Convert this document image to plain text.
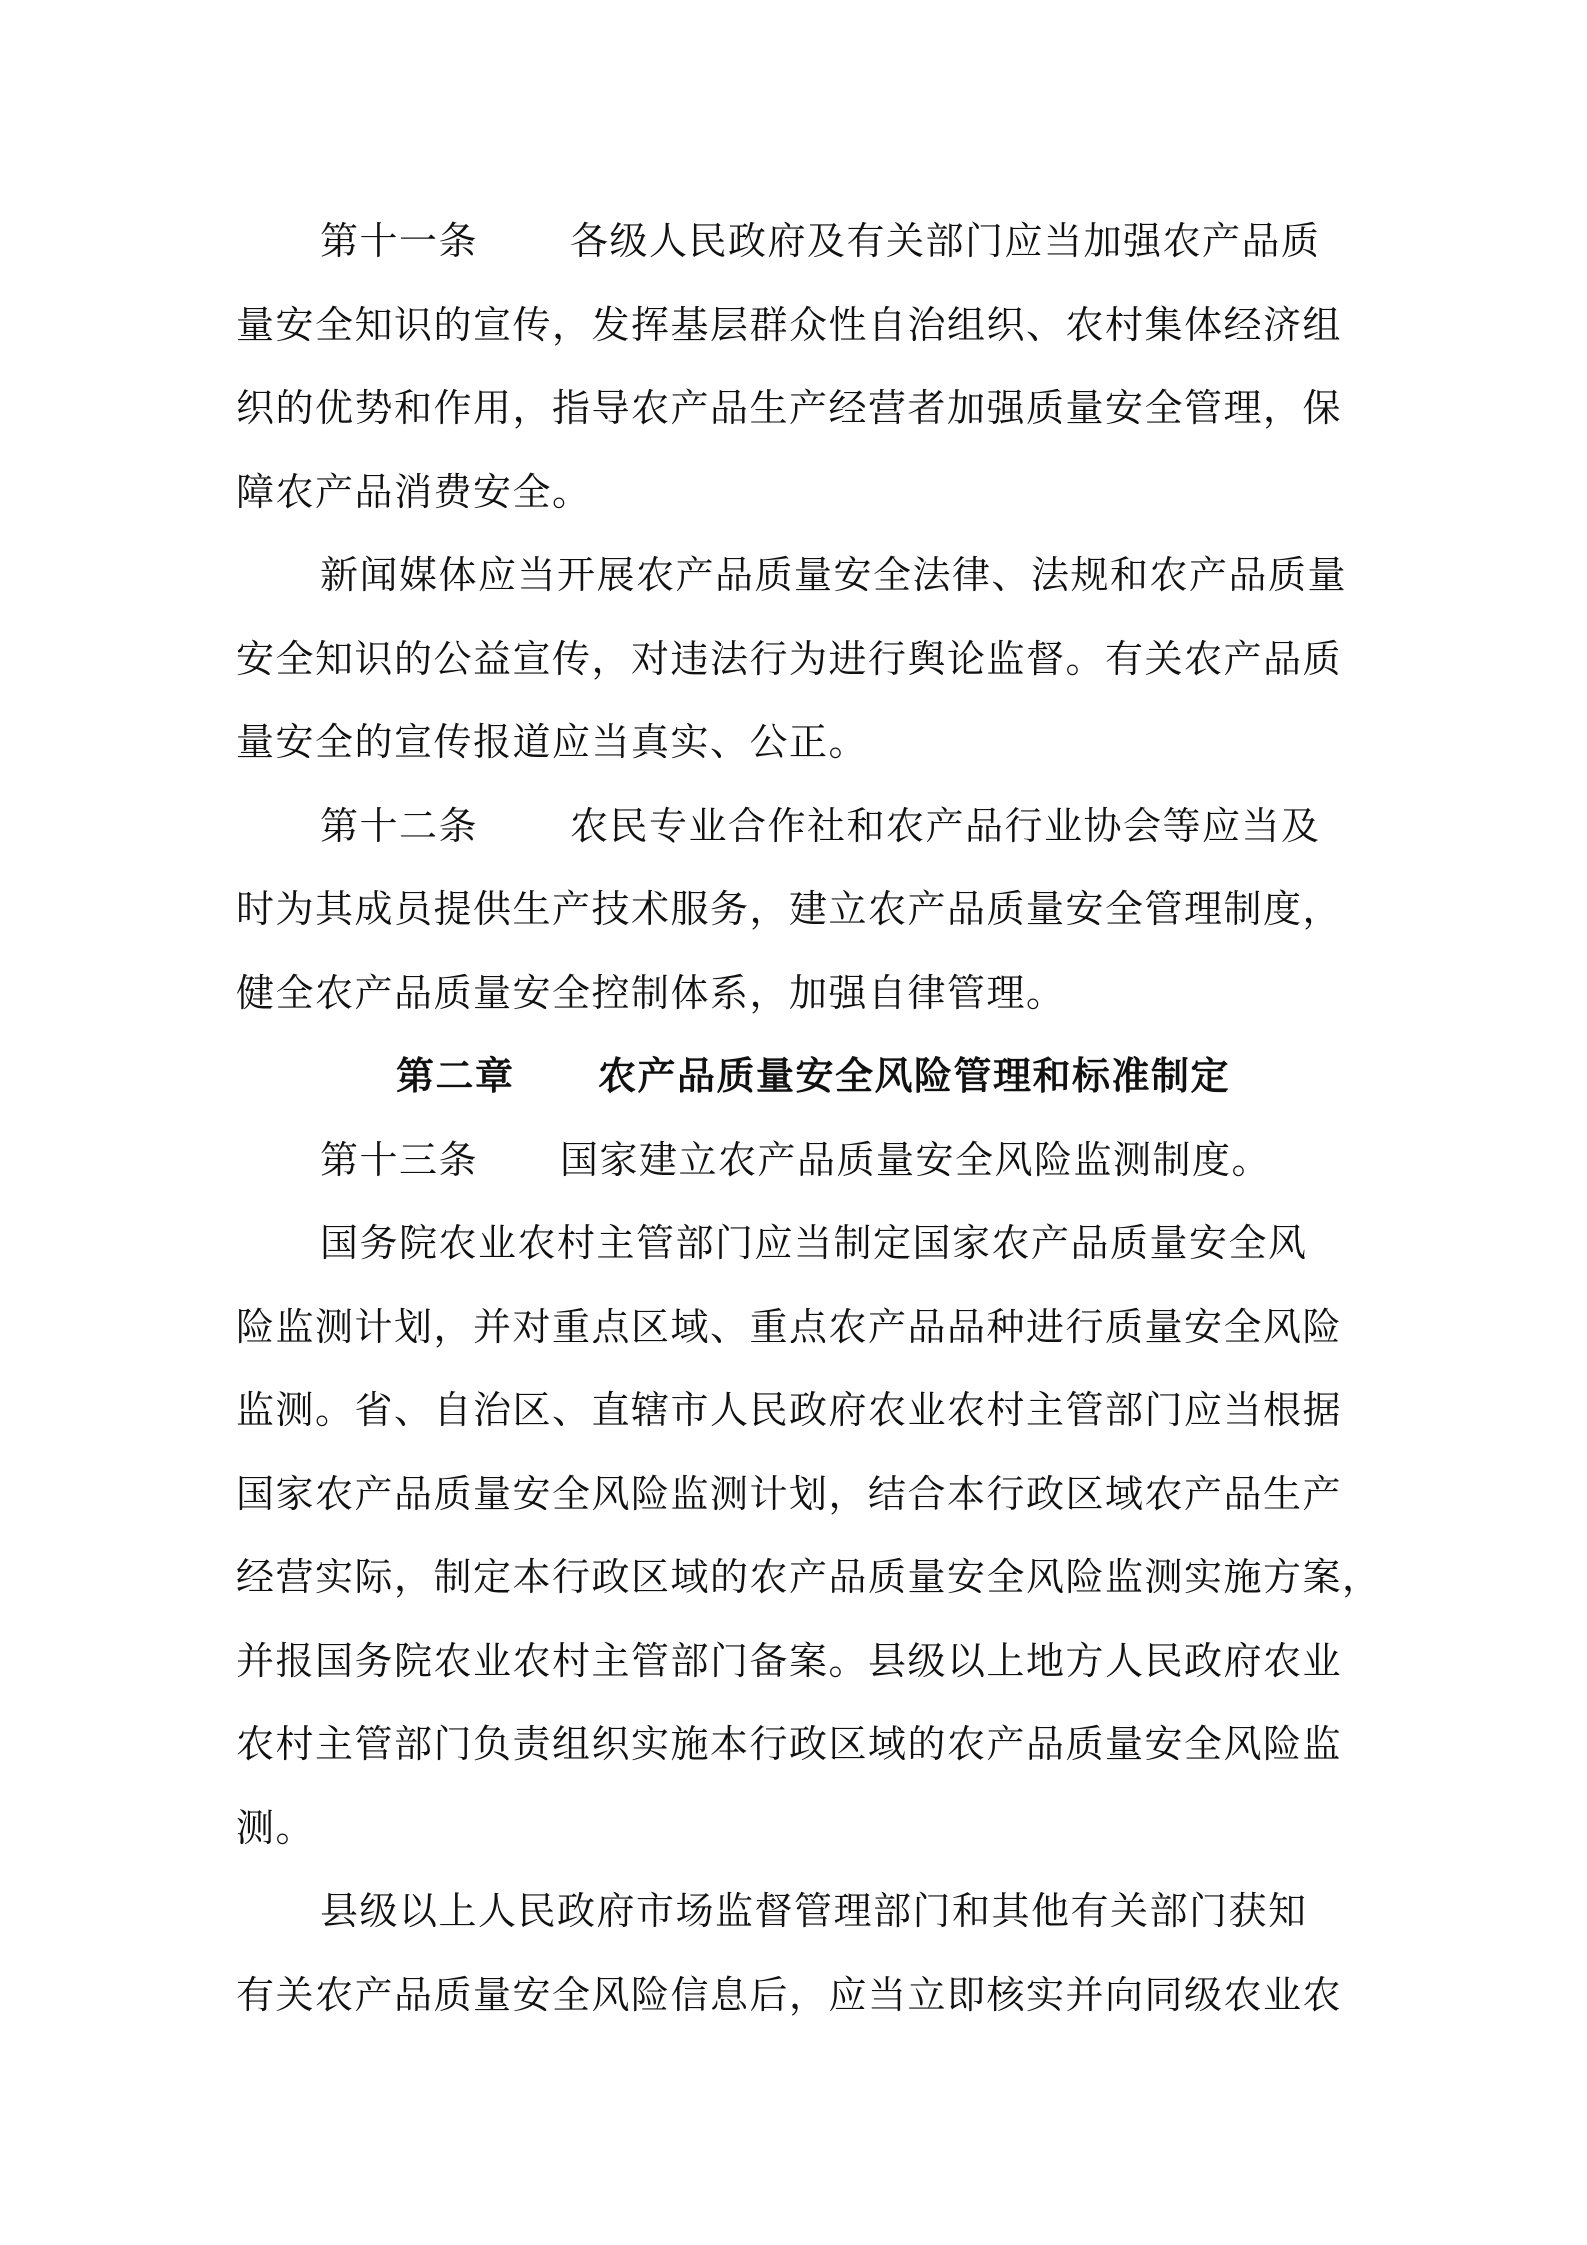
第十一条 各级人民政府及有关部门应当加强农产品质
量安全知识的宣传，发挥基层群众性自治组织、农村集体经济组
织的优势和作用，指导农产品生产经营者加强质量安全管理，保
障农产品消费安全。
新闻媒体应当开展农产品质量安全法律、法规和农产品质量
安全知识的公益宣传，对违法行为进行舆论监督。有关农产品质
量安全的宣传报道应当真实、公正。
第十二条 农民专业合作社和农产品行业协会等应当及
时为其成员提供生产技术服务，建立农产品质量安全管理制度，
健全农产品质量安全控制体系，加强自律管理。
第二章 农产品质量安全风险管理和标准制定
第十三条 国家建立农产品质量安全风险监测制度。
国务院农业农村主管部门应当制定国家农产品质量安全风
险监测计划，并对重点区域、重点农产品品种进行质量安全风险
监测。省、自治区、直辖市人民政府农业农村主管部门应当根据
国家农产品质量安全风险监测计划，结合本行政区域农产品生产
经营实际，制定本行政区域的农产品质量安全风险监测实施方案，
并报国务院农业农村主管部门备案。县级以上地方人民政府农业
农村主管部门负责组织实施本行政区域的农产品质量安全风险监
测。
县级以上人民政府市场监督管理部门和其他有关部门获知
有关农产品质量安全风险信息后，应当立即核实并向同级农业农
